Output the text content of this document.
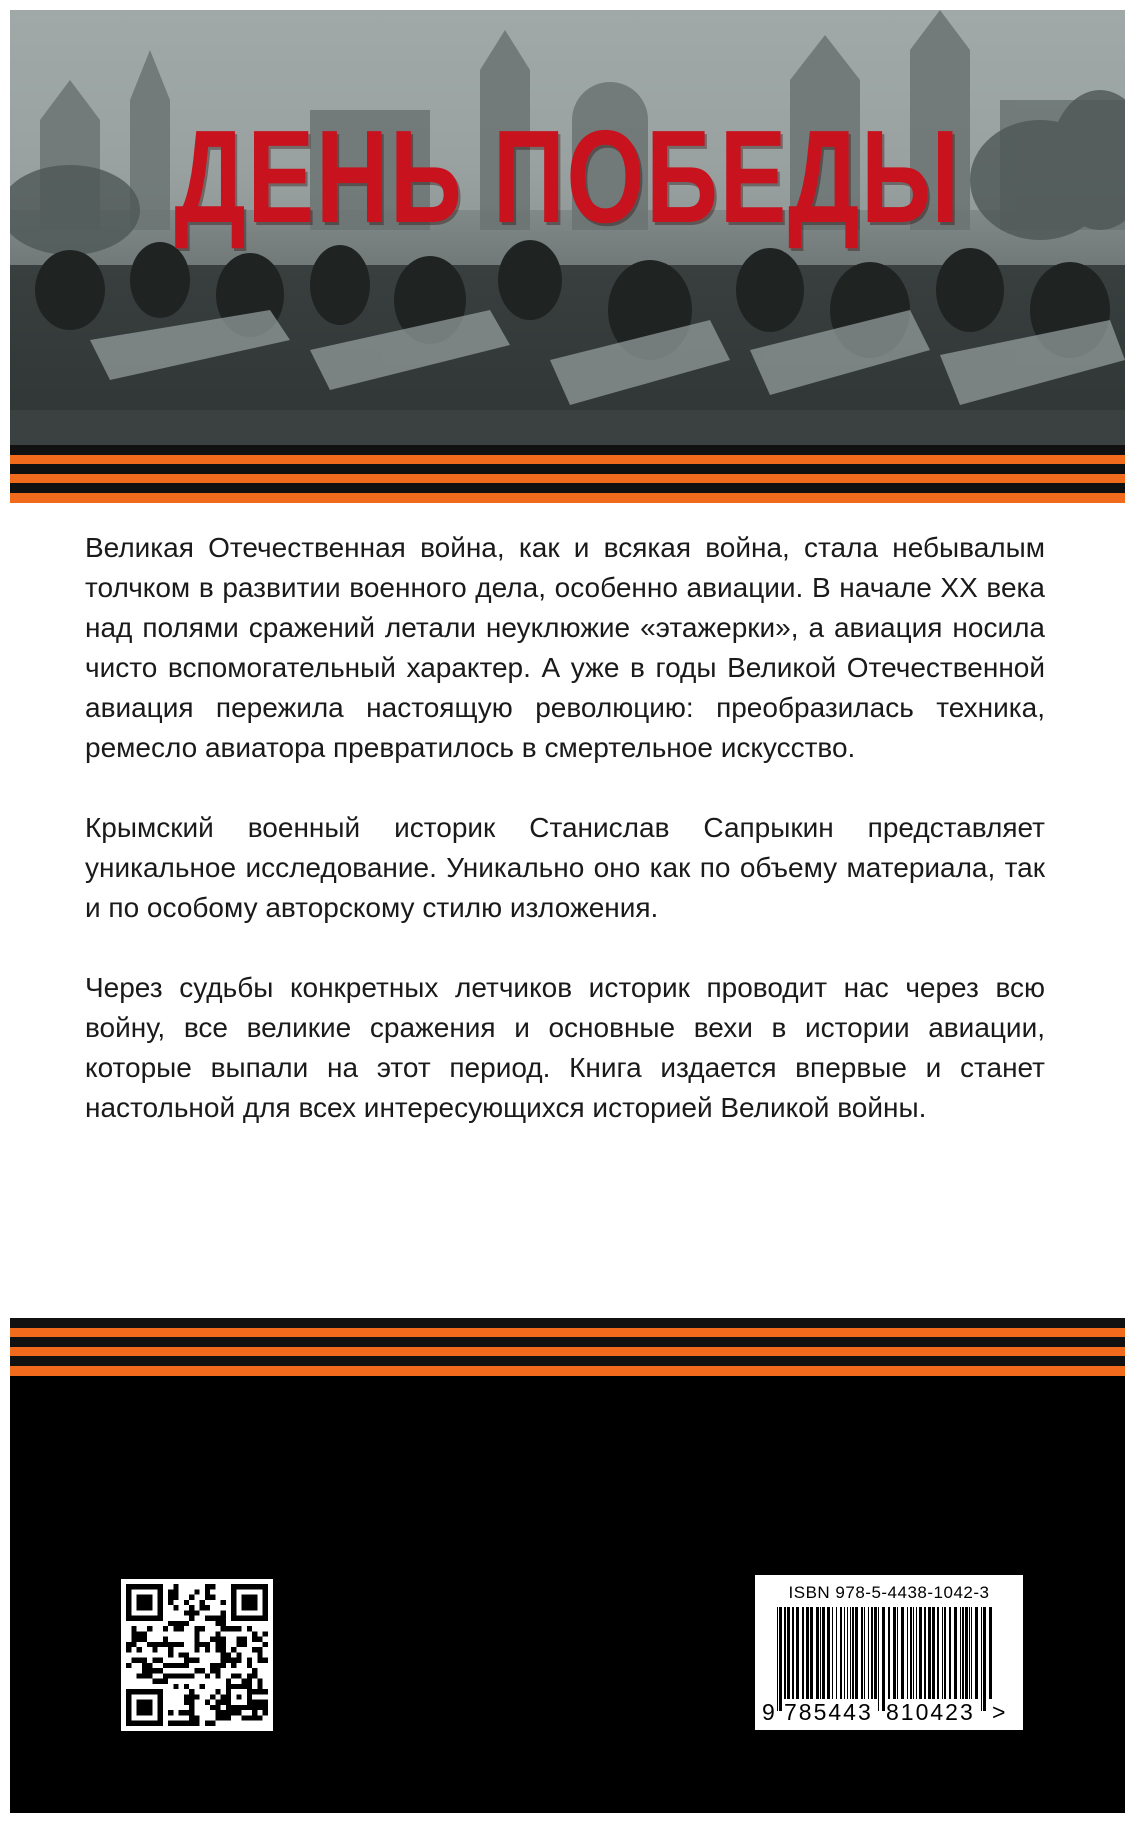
ДЕНЬ ПОБЕДЫ

Великая Отечественная война, как и всякая война, стала небывалым толчком в развитии военного дела, особенно авиации. В начале XX века над полями сражений летали неуклюжие «этажерки», а авиация носила чисто вспомогательный характер. А уже в годы Великой Отечественной авиация пережила настоящую революцию: преобразилась техника, ремесло авиатора превратилось в смертельное искусство.

Крымский военный историк Станислав Сапрыкин представляет уникальное исследование. Уникально оно как по объему материала, так и по особому авторскому стилю изложения.

Через судьбы конкретных летчиков историк проводит нас через всю войну, все великие сражения и основные вехи в истории авиации, которые выпали на этот период. Книга издается впервые и станет настольной для всех интересующихся историей Великой войны.

ISBN 978-5-4438-1042-3
9 785443 810423 >
